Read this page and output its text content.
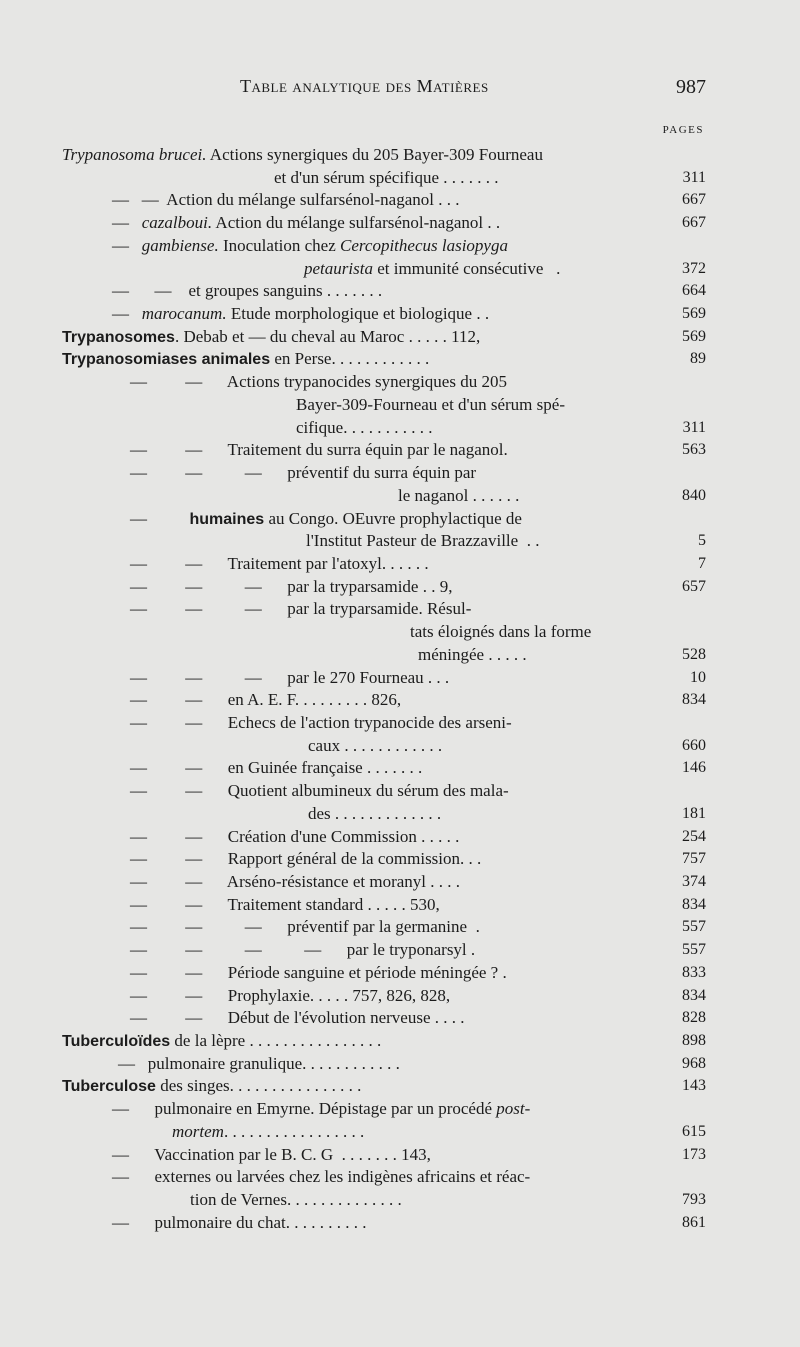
Table analytique des Matières	987
PAGES
Trypanosoma brucei. Actions synergiques du 205 Bayer-309 Fourneau
et d'un sérum spécifique . . . . . . .	311
—   —  Action du mélange sulfarsénol-naganol . . .	667
— cazalboui. Action du mélange sulfarsénol-naganol . .	667
— gambiense. Inoculation chez Cercopithecus lasiopyga
petaurista et immunité consécutive   .	372
—      —    et groupes sanguins . . . . . . .	664
— marocanum. Etude morphologique et biologique . .	569
Trypanosomes. Debab et — du cheval au Maroc . . . . . 112,	569
Trypanosomiases animales en Perse. . . . . . . . . . . .	89
—         —      Actions trypanocides synergiques du 205
Bayer-309-Fourneau et d'un sérum spé-
cifique. . . . . . . . . . .	311
—         —      Traitement du surra équin par le naganol.	563
—         —          —      préventif du surra équin par
le naganol . . . . . .	840
—	humaines au Congo. OEuvre prophylactique de
l'Institut Pasteur de Brazzaville  . .	5
—         —      Traitement par l'atoxyl. . . . . .	7
—         —          —      par la tryparsamide . . 9,	657
—         —          —      par la tryparsamide. Résul-
tats éloignés dans la forme
méningée . . . . .	528
—         —          —      par le 270 Fourneau . . .	10
—         —      en A. E. F. . . . . . . . . 826,	834
—         —      Echecs de l'action trypanocide des arseni-
caux . . . . . . . . . . . .	660
—         —      en Guinée française . . . . . . .	146
—         —      Quotient albumineux du sérum des mala-
des . . . . . . . . . . . . .	181
—         —      Création d'une Commission . . . . .	254
—         —      Rapport général de la commission. . .	757
—         —      Arséno-résistance et moranyl . . . .	374
—         —      Traitement standard . . . . . 530,	834
—         —          —      préventif par la germanine  .	557
—         —          —          —      par le tryponarsyl .	557
—         —      Période sanguine et période méningée ? .	833
—         —      Prophylaxie. . . . . 757, 826, 828,	834
—         —      Début de l'évolution nerveuse . . . .	828
Tuberculoïdes de la lèpre . . . . . . . . . . . . . . . .	898
—   pulmonaire granulique. . . . . . . . . . . .	968
Tuberculose des singes. . . . . . . . . . . . . . . .	143
—      pulmonaire en Emyrne. Dépistage par un procédé post-
mortem. . . . . . . . . . . . . . . . .	615
—      Vaccination par le B. C. G  . . . . . . . 143,	173
—      externes ou larvées chez les indigènes africains et réac-
tion de Vernes. . . . . . . . . . . . . .	793
—      pulmonaire du chat. . . . . . . . . .	861
